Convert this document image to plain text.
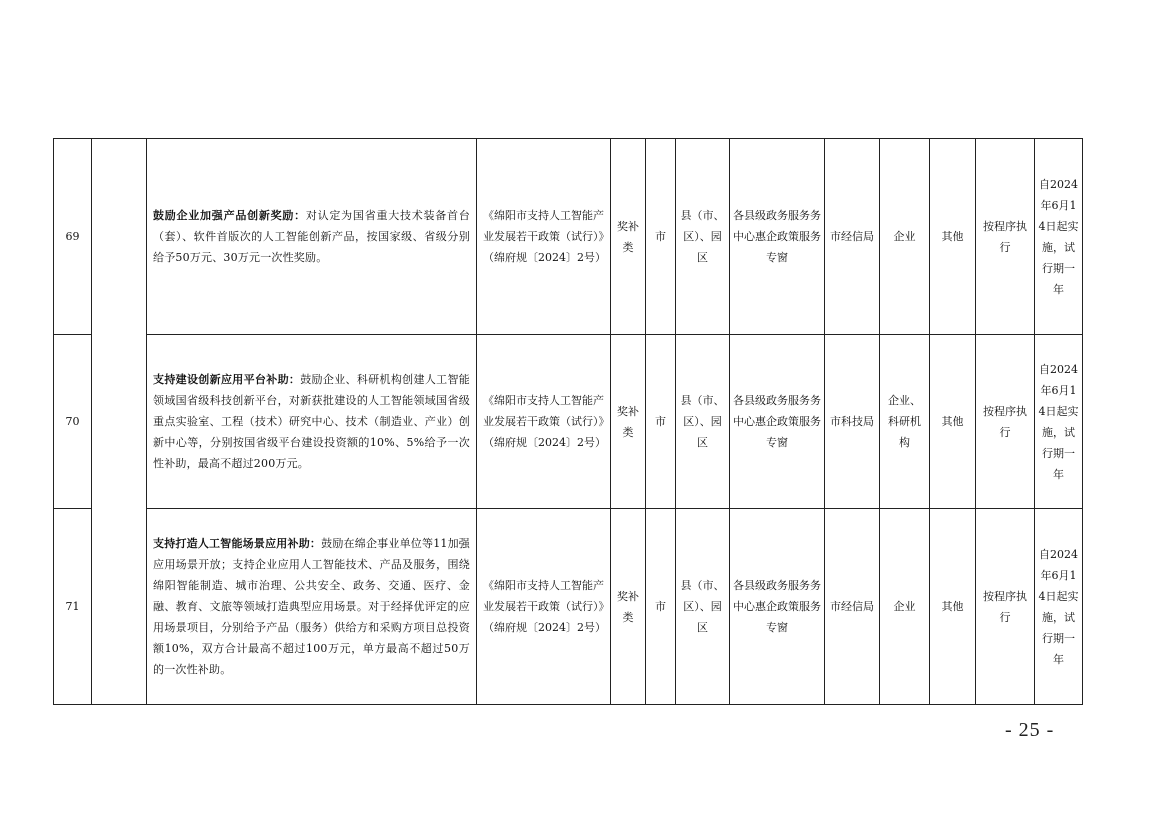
69		鼓励企业加强产品创新奖励：对认定为国省重大技术装备首台（套）、软件首版次的人工智能创新产品，按国家级、省级分别给予50万元、30万元一次性奖励。	《绵阳市支持人工智能产业发展若干政策（试行）》（绵府规〔2024〕2号）	奖补类	市	县（市、区）、园区	各县级政务服务务中心惠企政策服务专窗	市经信局	企业	其他	按程序执行	自2024年6月14日起实施，试行期一年
70		支持建设创新应用平台补助：鼓励企业、科研机构创建人工智能领域国省级科技创新平台，对新获批建设的人工智能领域国省级重点实验室、工程（技术）研究中心、技术（制造业、产业）创新中心等，分别按国省级平台建设投资额的10%、5%给予一次性补助，最高不超过200万元。	《绵阳市支持人工智能产业发展若干政策（试行）》（绵府规〔2024〕2号）	奖补类	市	县（市、区）、园区	各县级政务服务务中心惠企政策服务专窗	市科技局	企业、科研机构	其他	按程序执行	自2024年6月14日起实施，试行期一年
71		支持打造人工智能场景应用补助：鼓励在绵企事业单位等11加强应用场景开放；支持企业应用人工智能技术、产品及服务，围绕绵阳智能制造、城市治理、公共安全、政务、交通、医疗、金融、教育、文旅等领域打造典型应用场景。对于经择优评定的应用场景项目，分别给予产品（服务）供给方和采购方项目总投资额10%，双方合计最高不超过100万元，单方最高不超过50万的一次性补助。	《绵阳市支持人工智能产业发展若干政策（试行）》（绵府规〔2024〕2号）	奖补类	市	县（市、区）、园区	各县级政务服务务中心惠企政策服务专窗	市经信局	企业	其他	按程序执行	自2024年6月14日起实施，试行期一年
- 25 -
